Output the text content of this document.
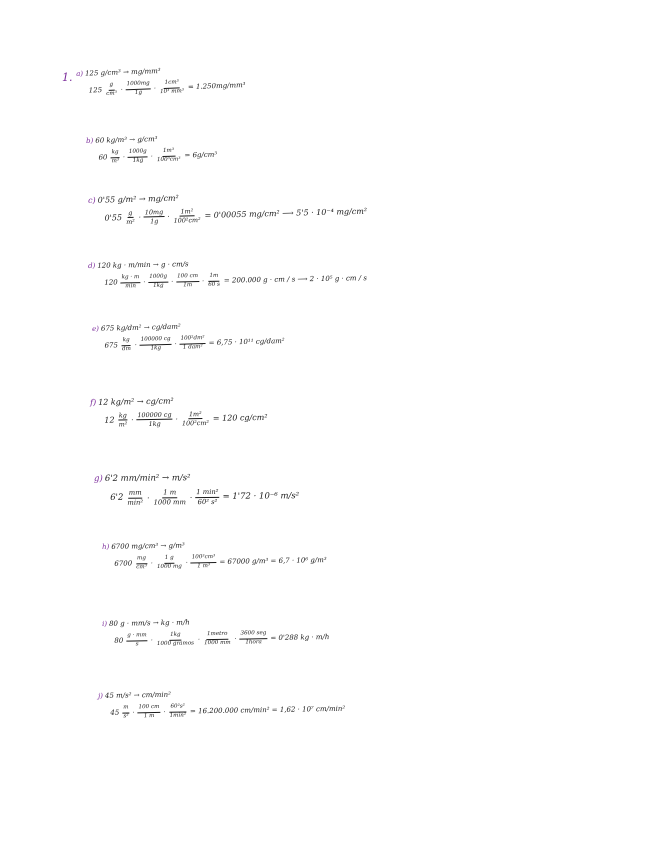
1. a) 125 g/cm³ → mg/mm³
$125 \frac{g}{\text{cm³}} \cdot \frac{1000mg}{1g} \cdot \frac{\text{1cm³}}{\text{10³ mm³}} = 1.250mg/mm^3$
b) 60 kg/m³ → g/cm³
$60 \frac{kg}{\text{m³}} \cdot \frac{1000g}{1kg} \cdot \frac{\text{1m³}}{\text{100³cm³}} = 6g/cm^3$
c) 0'55 g/m² → mg/cm²
$0'55 \frac{g}{\text{m²}} \cdot \frac{10mg}{1g} \cdot \frac{\text{1m²}}{\text{100²cm²}} = 0'00055$ mg/cm² ⟶ 5'5 · 10⁻⁴ mg/cm²
d) 120 kg · m/min → g · cm/s
$120 \frac{kg \cdot m}{\min} \cdot \frac{1000g}{1kg} \cdot \frac{100 cm}{1m} \cdot \frac{1m}{60 s} = 200.000$ g · cm / s ⟶ 2 · 10⁵ g · cm / s
e) 675 kg/dm² → cg/dam²
$675 \frac{kg}{dm} \cdot \frac{100000 cg}{1kg} \cdot \frac{\text{100²dm²}}{\text{1 dam²}} = 6,75 \cdot 10^{11}$ cg/dam²
f) 12 kg/m² → cg/cm²
$12 \frac{kg}{\text{m²}} \cdot \frac{100000 cg}{1kg} \cdot \frac{\text{1m²}}{\text{100²cm²}} = 120$ cg/cm²
g) 6'2 mm/min² → m/s²
$6'2 \frac{mm}{\text{min²}} \cdot \frac{1 m}{1000 mm} \cdot \frac{\text{1 min²}}{\text{60² s²}} = 1'72 \cdot 10^{-6}$ m/s²
h) 6700 mg/cm³ → g/m³
$6700 \frac{mg}{\text{cm³}} \cdot \frac{1 g}{1000 mg} \cdot \frac{\text{100³cm³}}{\text{1 m³}} = 67000$ g/m³ = 6,7 · 10⁶ g/m³
i) 80 g · mm/s → kg · m/h
$80 \frac{g \cdot mm}{s} \cdot \frac{1kg}{\text{1000 gramos}} \cdot \frac{\text{1metro}}{1000 mm} \cdot \frac{\text{3600 seg}}{\text{1hora}} = 0'288$ kg · m/h
j) 45 m/s² → cm/min²
$45 \frac{m}{\text{s²}} \cdot \frac{100 cm}{1 m} \cdot \frac{\text{60²s²}}{\text{1min²}} = 16.200.000$ cm/min² = 1,62 · 10⁷ cm/min²
